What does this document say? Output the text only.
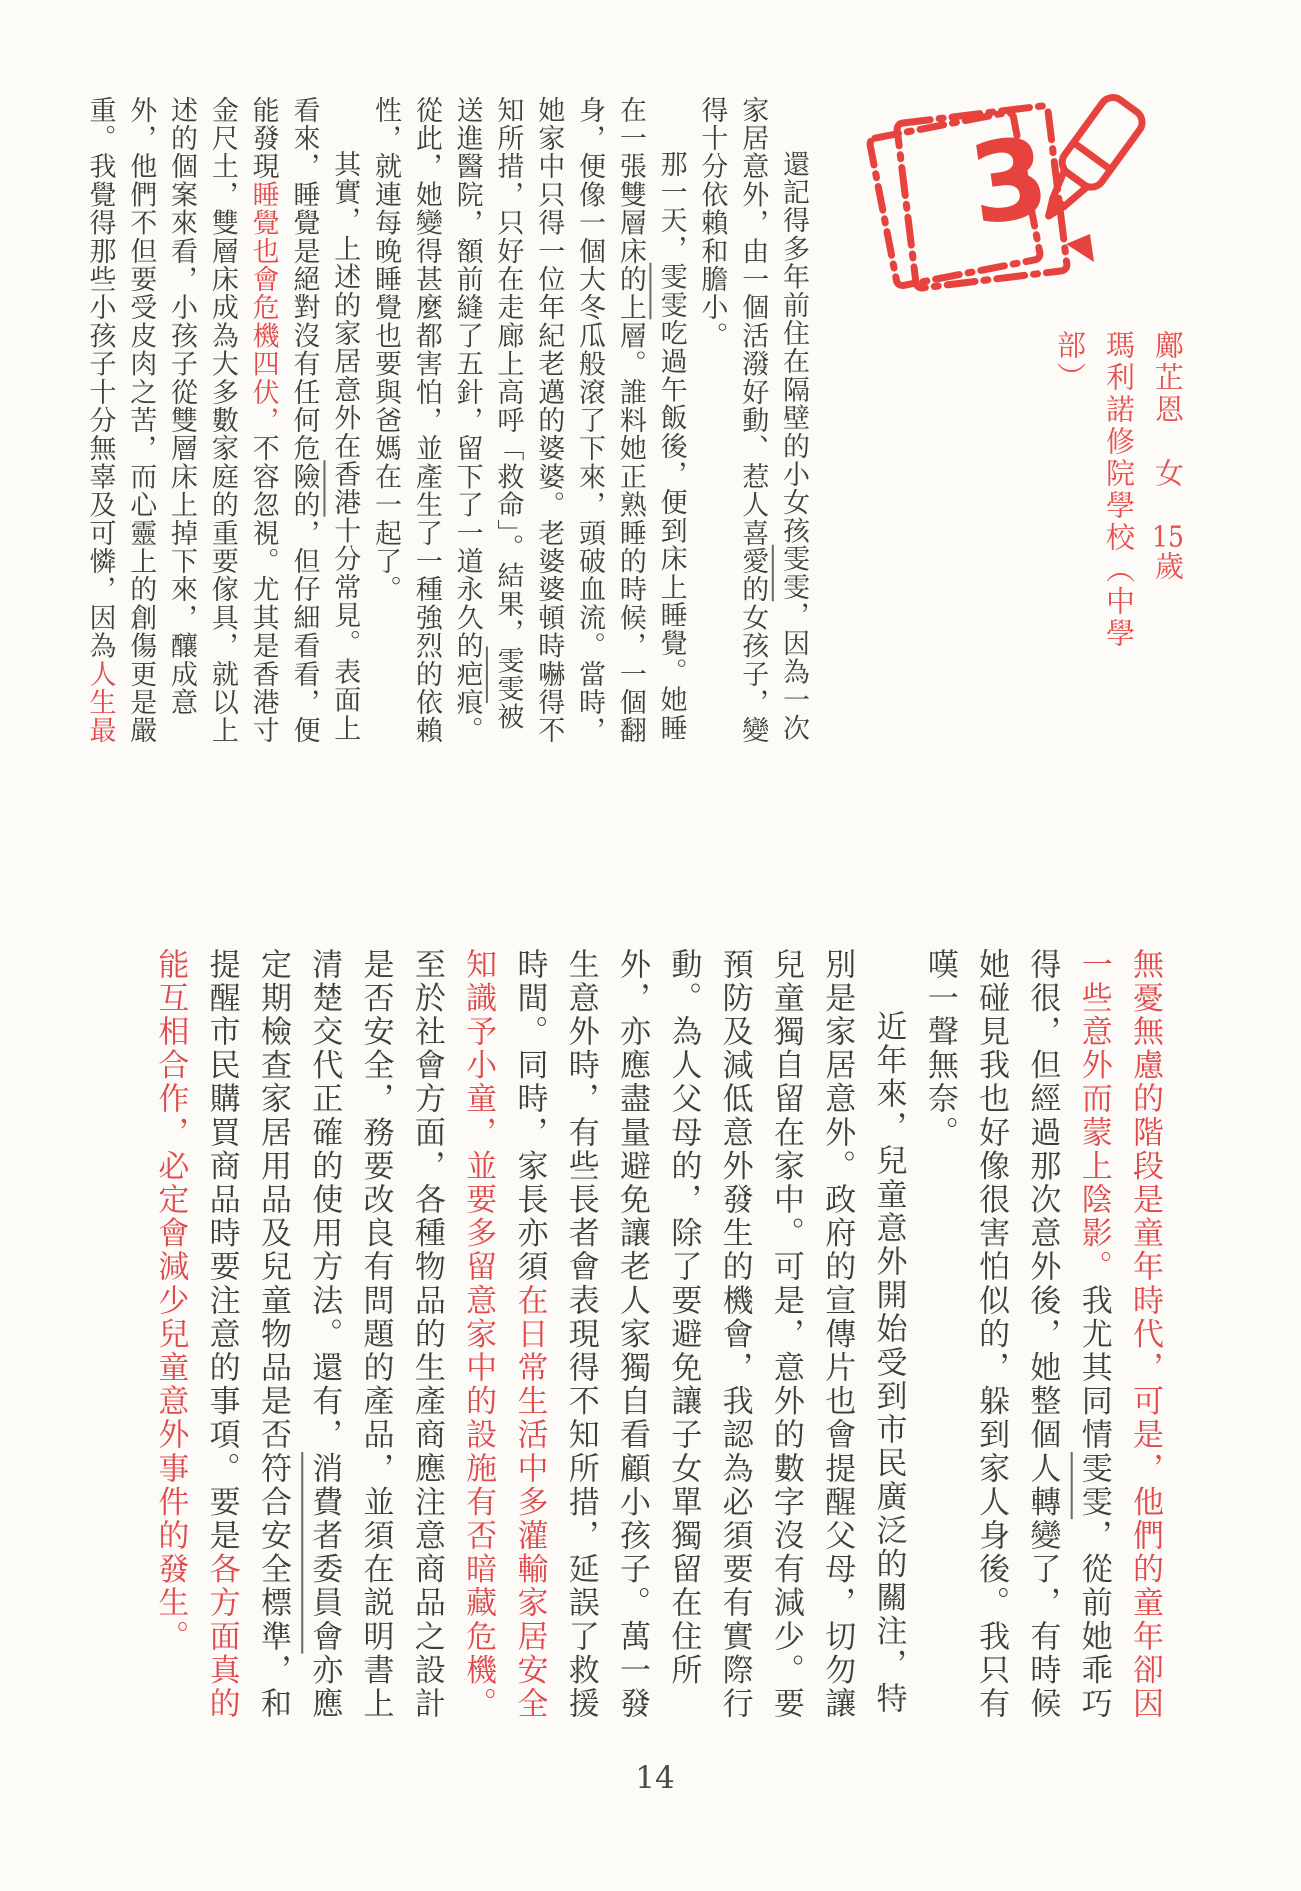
3
鄺芷恩　女　15歲
瑪利諾修院學校（中學部）

還記得多年前住在隔壁的小女孩雯雯，因為一次家居意外，由一個活潑好動、惹人喜愛的女孩子，變得十分依賴和膽小。

那一天，雯雯吃過午飯後，便到床上睡覺。她睡在一張雙層床的上層。誰料她正熟睡的時候，一個翻身，便像一個大冬瓜般滾了下來，頭破血流。當時，她家中只得一位年紀老邁的婆婆。老婆婆頓時嚇得不知所措，只好在走廊上高呼「救命」。結果，雯雯被送進醫院，額前縫了五針，留下了一道永久的疤痕。從此，她變得甚麼都害怕，並產生了一種強烈的依賴性，就連每晚睡覺也要與爸媽在一起了。

其實，上述的家居意外在香港十分常見。表面上看來，睡覺是絕對沒有任何危險的，但仔細看看，便能發現睡覺也會危機四伏，不容忽視。尤其是香港寸金尺土，雙層床成為大多數家庭的重要傢具，就以上述的個案來看，小孩子從雙層床上掉下來，釀成意外，他們不但要受皮肉之苦，而心靈上的創傷更是嚴重。我覺得那些小孩子十分無辜及可憐，因為人生最

無憂無慮的階段是童年時代，可是，他們的童年卻因一些意外而蒙上陰影。我尤其同情雯雯，從前她乖巧得很，但經過那次意外後，她整個人轉變了，有時候她碰見我也好像很害怕似的，躲到家人身後。我只有嘆一聲無奈。

近年來，兒童意外開始受到市民廣泛的關注，特別是家居意外。政府的宣傳片也會提醒父母，切勿讓兒童獨自留在家中。可是，意外的數字沒有減少。要預防及減低意外發生的機會，我認為必須要有實際行動。為人父母的，除了要避免讓子女單獨留在住所外，亦應盡量避免讓老人家獨自看顧小孩子。萬一發生意外時，有些長者會表現得不知所措，延誤了救援時間。同時，家長亦須在日常生活中多灌輸家居安全知識予小童，並要多留意家中的設施有否暗藏危機。

至於社會方面，各種物品的生產商應注意商品之設計是否安全，務要改良有問題的產品，並須在説明書上清楚交代正確的使用方法。還有，消費者委員會亦應定期檢查家居用品及兒童物品是否符合安全標準，和提醒市民購買商品時要注意的事項。要是各方面真的能互相合作，必定會減少兒童意外事件的發生。

14
